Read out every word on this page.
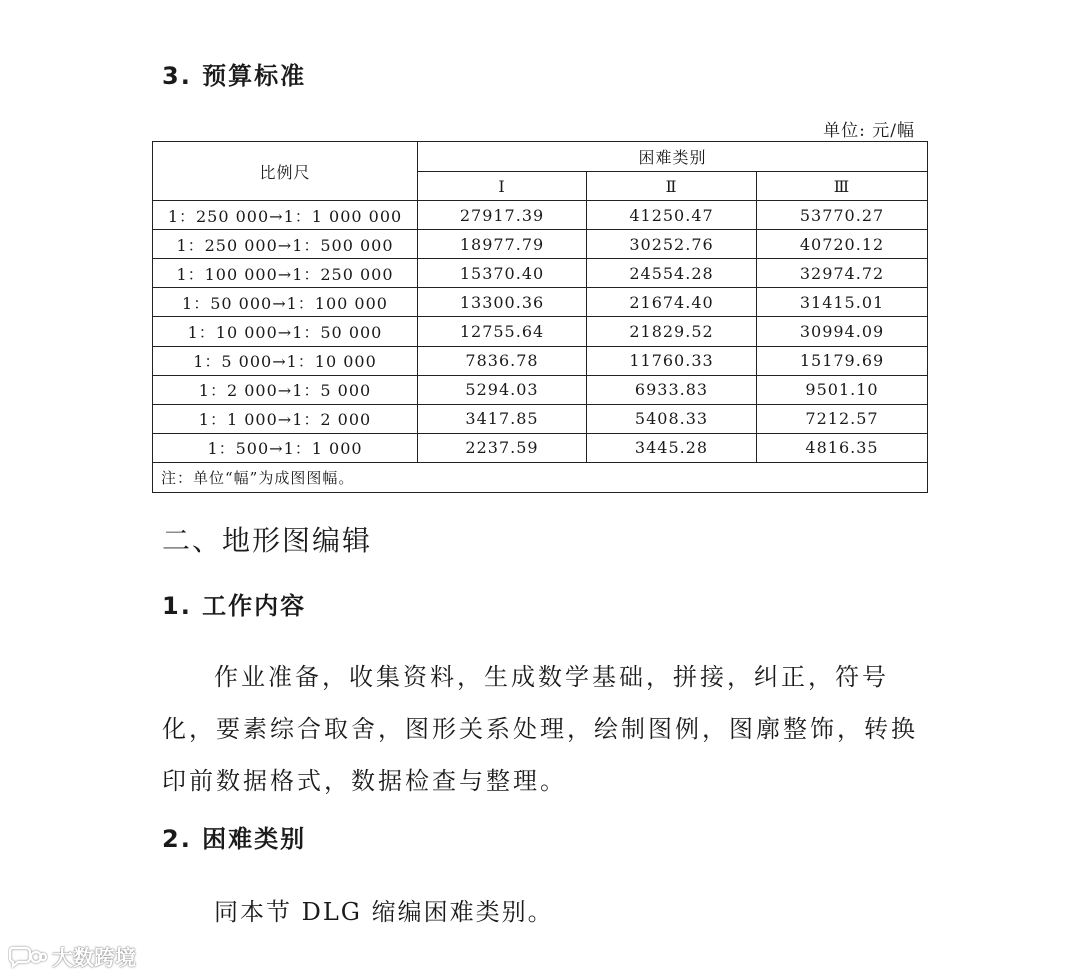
3. 预算标准
单位: 元/幅
比例尺	困难类别		
	Ⅰ	Ⅱ	Ⅲ
1：250 000→1：1 000 000	27917.39	41250.47	53770.27
1：250 000→1：500 000	18977.79	30252.76	40720.12
1：100 000→1：250 000	15370.40	24554.28	32974.72
1：50 000→1：100 000	13300.36	21674.40	31415.01
1：10 000→1：50 000	12755.64	21829.52	30994.09
1：5 000→1：10 000	7836.78	11760.33	15179.69
1：2 000→1：5 000	5294.03	6933.83	9501.10
1：1 000→1：2 000	3417.85	5408.33	7212.57
1：500→1：1 000	2237.59	3445.28	4816.35
注：单位“幅”为成图图幅。			
二、地形图编辑
1. 工作内容

作业准备，收集资料，生成数学基础，拼接，纠正，符号化，要素综合取舍，图形关系处理，绘制图例，图廓整饰，转换印前数据格式，数据检查与整理。

2. 困难类别

同本节 DLG 缩编困难类别。

大数跨境
